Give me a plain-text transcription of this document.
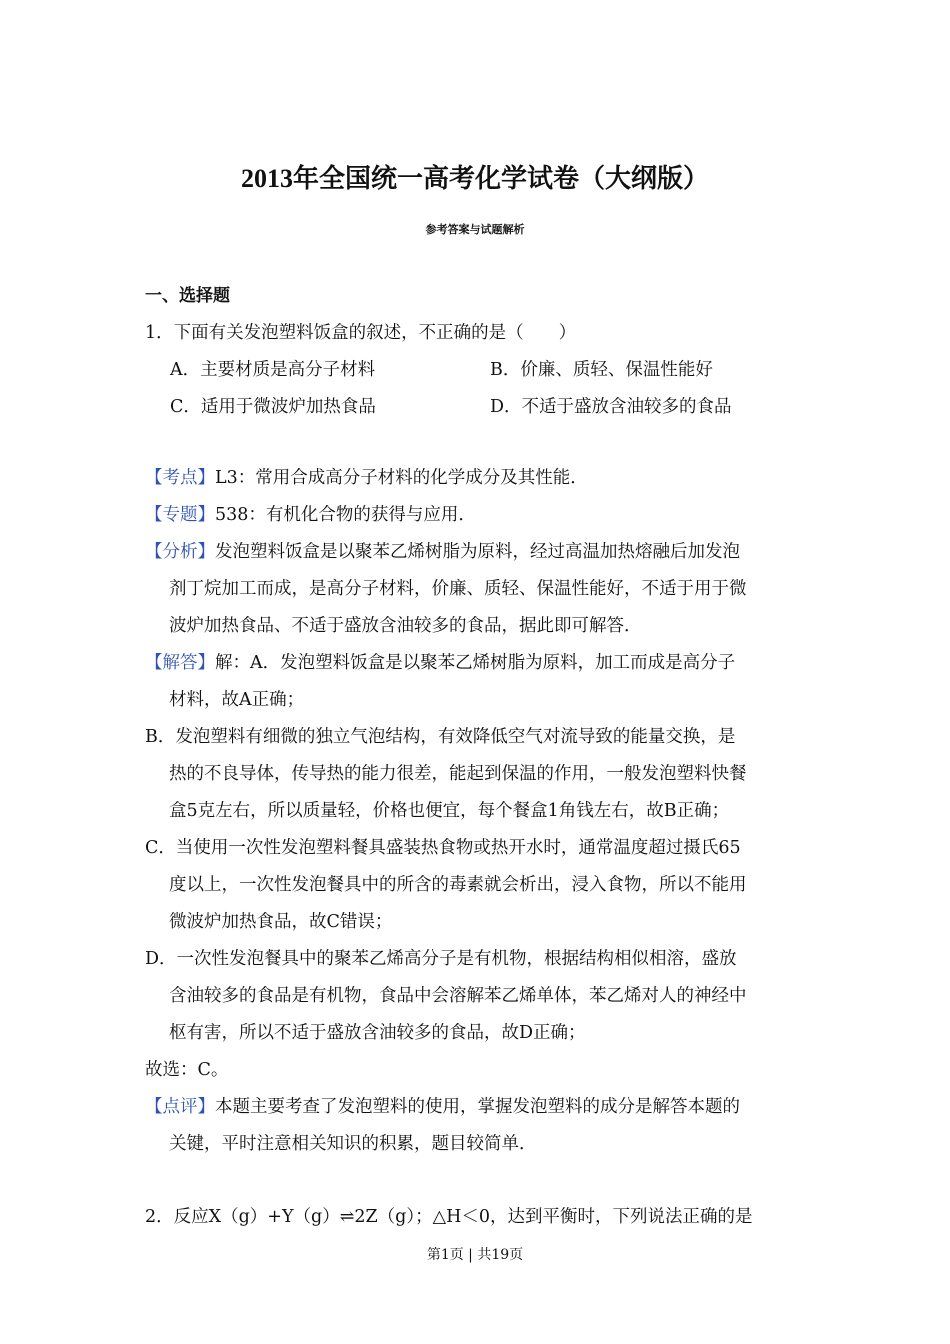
2013年全国统一高考化学试卷（大纲版）
参考答案与试题解析
一、选择题
1．下面有关发泡塑料饭盒的叙述，不正确的是（　　）
A．主要材质是高分子材料	B．价廉、质轻、保温性能好
C．适用于微波炉加热食品	D．不适于盛放含油较多的食品
【考点】L3：常用合成高分子材料的化学成分及其性能．
【专题】538：有机化合物的获得与应用．
【分析】发泡塑料饭盒是以聚苯乙烯树脂为原料，经过高温加热熔融后加发泡
剂丁烷加工而成，是高分子材料，价廉、质轻、保温性能好，不适于用于微
波炉加热食品、不适于盛放含油较多的食品，据此即可解答．
【解答】解：A．发泡塑料饭盒是以聚苯乙烯树脂为原料，加工而成是高分子
材料，故A正确；
B．发泡塑料有细微的独立气泡结构，有效降低空气对流导致的能量交换，是
热的不良导体，传导热的能力很差，能起到保温的作用，一般发泡塑料快餐
盒5克左右，所以质量轻，价格也便宜，每个餐盒1角钱左右，故B正确；
C．当使用一次性发泡塑料餐具盛装热食物或热开水时，通常温度超过摄氏65
度以上，一次性发泡餐具中的所含的毒素就会析出，浸入食物，所以不能用
微波炉加热食品，故C错误；
D．一次性发泡餐具中的聚苯乙烯高分子是有机物，根据结构相似相溶，盛放
含油较多的食品是有机物，食品中会溶解苯乙烯单体，苯乙烯对人的神经中
枢有害，所以不适于盛放含油较多的食品，故D正确；
故选：C。
【点评】本题主要考查了发泡塑料的使用，掌握发泡塑料的成分是解答本题的
关键，平时注意相关知识的积累，题目较简单．
2．反应X（g）+Y（g）⇌2Z（g）；△H＜0，达到平衡时，下列说法正确的是
第1页 | 共19页
